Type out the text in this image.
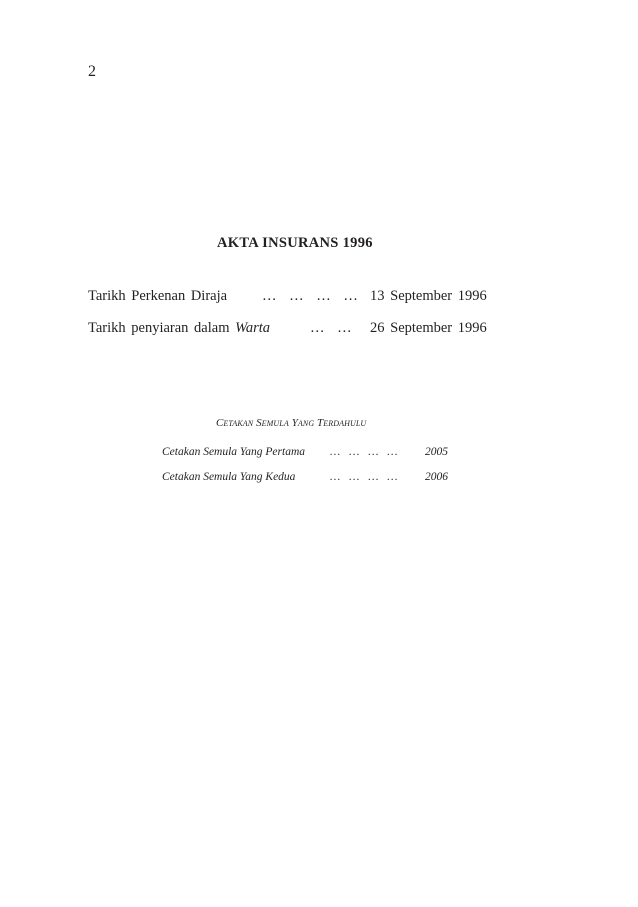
2
AKTA INSURANS 1996
Tarikh Perkenan Diraja … … … … 13 September 1996
Tarikh penyiaran dalam Warta	… … 26 September 1996
Cetakan Semula Yang Terdahulu
Cetakan Semula Yang Pertama … … … … 2005
Cetakan Semula Yang Kedua	… … … … 2006
